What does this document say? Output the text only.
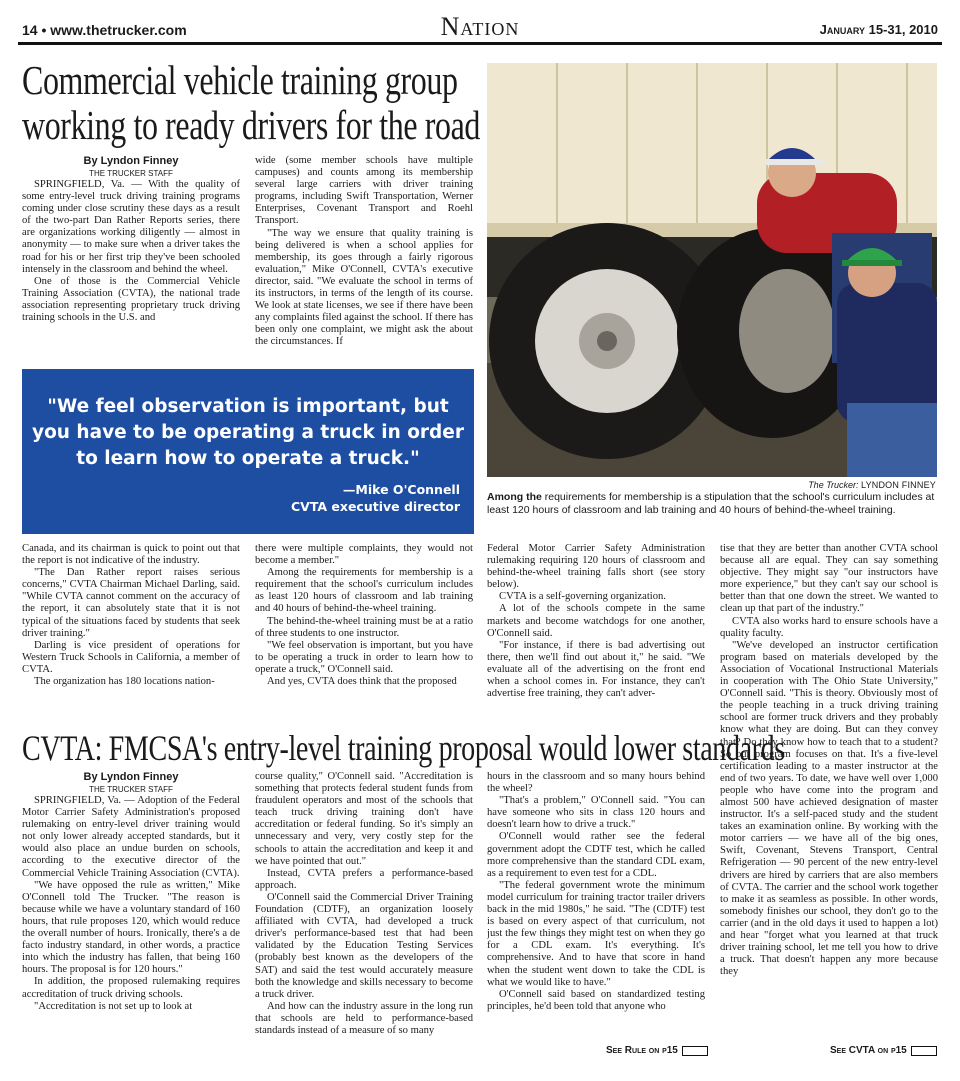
14 • www.thetrucker.com	Nation	January 15-31, 2010
Commercial vehicle training group working to ready drivers for the road
By Lyndon Finney
THE TRUCKER STAFF

SPRINGFIELD, Va. — With the quality of some entry-level truck driving training programs coming under close scrutiny these days as a result of the two-part Dan Rather Reports series, there are organizations working diligently — almost in anonymity — to make sure when a driver takes the road for his or her first trip they've been schooled intensely in the classroom and behind the wheel.

One of those is the Commercial Vehicle Training Association (CVTA), the national trade association representing proprietary truck driving training schools in the U.S. and

wide (some member schools have multiple campuses) and counts among its membership several large carriers with driver training programs, including Swift Transportation, Werner Enterprises, Covenant Transport and Roehl Transport.

"The way we ensure that quality training is being delivered is when a school applies for membership, its goes through a fairly rigorous evaluation," Mike O'Connell, CVTA's executive director, said. "We evaluate the school in terms of its instructors, in terms of the length of its course. We look at state licenses, we see if there have been any complaints filed against the school. If there has been only one complaint, we might ask the about the circumstances. If

"We feel observation is important, but you have to be operating a truck in order to learn how to operate a truck."
—Mike O'Connell
CVTA executive director
The Trucker: LYNDON FINNEY
Among the requirements for membership is a stipulation that the school's curriculum includes at least 120 hours of classroom and lab training and 40 hours of behind-the-wheel training.

Canada, and its chairman is quick to point out that the report is not indicative of the industry.

"The Dan Rather report raises serious concerns," CVTA Chairman Michael Darling, said. "While CVTA cannot comment on the accuracy of the report, it can absolutely state that it is not typical of the situations faced by students that seek driver training."

Darling is vice president of operations for Western Truck Schools in California, a member of CVTA.

The organization has 180 locations nation-

there were multiple complaints, they would not become a member."

Among the requirements for membership is a requirement that the school's curriculum includes as least 120 hours of classroom and lab training and 40 hours of behind-the-wheel training.

The behind-the-wheel training must be at a ratio of three students to one instructor.

"We feel observation is important, but you have to be operating a truck in order to learn how to operate a truck," O'Connell said.

And yes, CVTA does think that the proposed

Federal Motor Carrier Safety Administration rulemaking requiring 120 hours of classroom and behind-the-wheel training falls short (see story below).

CVTA is a self-governing organization.

A lot of the schools compete in the same markets and become watchdogs for one another, O'Connell said.

"For instance, if there is bad advertising out there, then we'll find out about it," he said. "We evaluate all of the advertising on the front end when a school comes in. For instance, they can't advertise free training, they can't adver-

tise that they are better than another CVTA school because all are equal. They can say something objective. They might say "our instructors have more experience," but they can't say our school is better than that one down the street. We wanted to clean up that part of the industry."

CVTA also works hard to ensure schools have a quality faculty.

"We've developed an instructor certification program based on materials developed by the Association of Vocational Instructional Materials in cooperation with The Ohio State University," O'Connell said. "This is theory. Obviously most of the people teaching in a truck driving training school are former truck drivers and they probably know what they are doing. But can they convey that? Do they know how to teach that to a student? So our program focuses on that. It's a five-level certification leading to a master instructor at the end of two years. To date, we have well over 1,000 people who have come into the program and almost 500 have achieved designation of master instructor. It's a self-paced study and the student takes an examination online. By working with the motor carriers — we have all of the big ones, Swift, Covenant, Stevens Transport, Central Refrigeration — 90 percent of the new entry-level drivers are hired by carriers that are also members of CVTA. The carrier and the school work together to make it as seamless as possible. In other words, somebody finishes our school, they don't go to the carrier (and in the old days it used to happen a lot) and hear "forget what you learned at that truck driver training school, let me tell you how to drive a truck. That doesn't happen any more because they

See CVTA on p15
CVTA: FMCSA's entry-level training proposal would lower standards
By Lyndon Finney
THE TRUCKER STAFF

SPRINGFIELD, Va. — Adoption of the Federal Motor Carrier Safety Administration's proposed rulemaking on entry-level driver training would not only lower already accepted standards, but it would also place an undue burden on schools, according to the executive director of the Commercial Vehicle Training Association (CVTA).

"We have opposed the rule as written," Mike O'Connell told The Trucker. "The reason is because while we have a voluntary standard of 160 hours, that rule proposes 120, which would reduce the overall number of hours. Ironically, there's a de facto industry standard, in other words, a practice into which the industry has fallen, that being 160 hours. The proposal is for 120 hours."

In addition, the proposed rulemaking requires accreditation of truck driving schools.

"Accreditation is not set up to look at

course quality," O'Connell said. "Accreditation is something that protects federal student funds from fraudulent operators and most of the schools that teach truck driving training don't have accreditation or federal funding. So it's simply an unnecessary and very, very costly step for the schools to attain the accreditation and keep it and we have pointed that out."

Instead, CVTA prefers a performance-based approach.

O'Connell said the Commercial Driver Training Foundation (CDTF), an organization loosely affiliated with CVTA, had developed a truck driver's performance-based test that had been validated by the Education Testing Services (probably best known as the developers of the SAT) and said the test would accurately measure both the knowledge and skills necessary to become a truck driver.

And how can the industry assure in the long run that schools are held to performance-based standards instead of a measure of so many

hours in the classroom and so many hours behind the wheel?

"That's a problem," O'Connell said. "You can have someone who sits in class 120 hours and doesn't learn how to drive a truck."

O'Connell would rather see the federal government adopt the CDTF test, which he called more comprehensive than the standard CDL exam, as a requirement to even test for a CDL.

"The federal government wrote the minimum model curriculum for training tractor trailer drivers back in the mid 1980s," he said. "The (CDTF) test is based on every aspect of that curriculum, not just the few things they might test on when they go for a CDL exam. It's everything. It's comprehensive. And to have that score in hand when the student went down to take the CDL is what we would like to have."

O'Connell said based on standardized testing principles, he'd been told that anyone who

See Rule on p15
